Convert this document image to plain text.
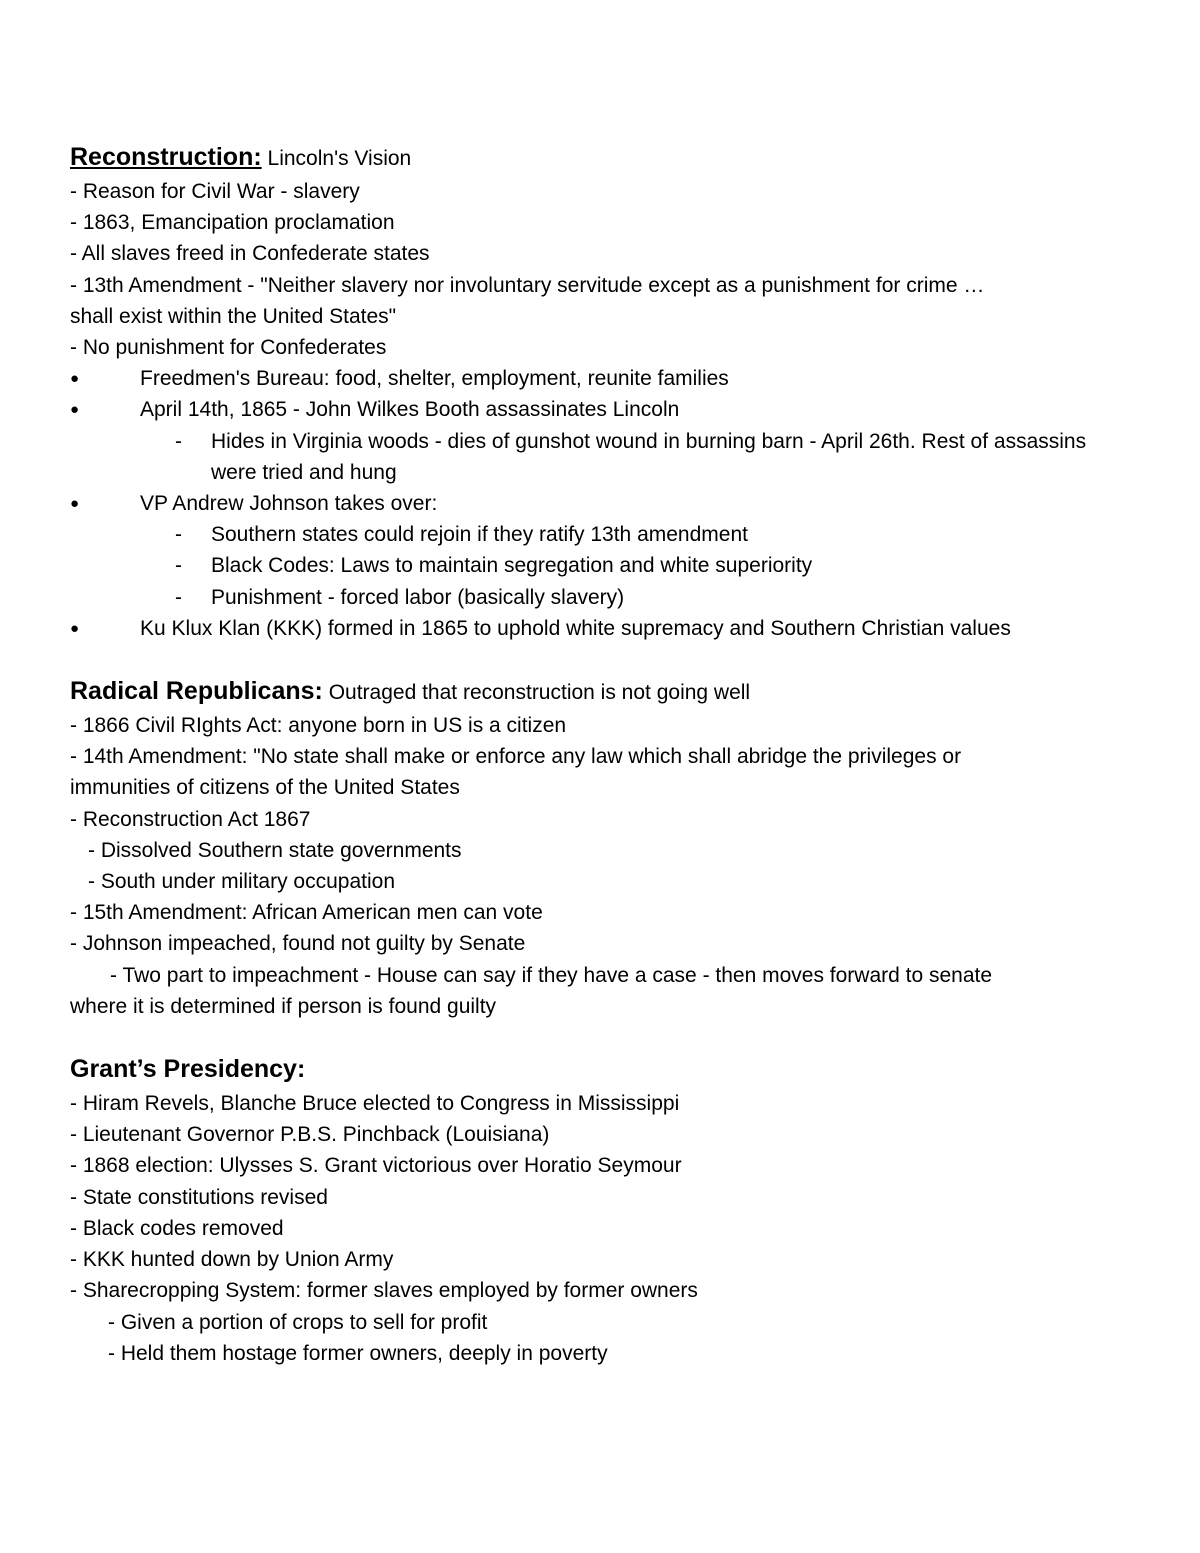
Reconstruction: Lincoln's Vision
- Reason for Civil War - slavery
- 1863, Emancipation proclamation
- All slaves freed in Confederate states
- 13th Amendment - "Neither slavery nor involuntary servitude except as a punishment for crime …
shall exist within the United States"
- No punishment for Confederates
●	Freedmen's Bureau: food, shelter, employment, reunite families
●	April 14th, 1865 - John Wilkes Booth assassinates Lincoln
-	Hides in Virginia woods - dies of gunshot wound in burning barn - April 26th. Rest of assassins were tried and hung
●	VP Andrew Johnson takes over:
-	Southern states could rejoin if they ratify 13th amendment
-	Black Codes: Laws to maintain segregation and white superiority
-	Punishment - forced labor (basically slavery)
●	Ku Klux Klan (KKK) formed in 1865 to uphold white supremacy and Southern Christian values
Radical Republicans: Outraged that reconstruction is not going well
- 1866 Civil RIghts Act: anyone born in US is a citizen
- 14th Amendment: "No state shall make or enforce any law which shall abridge the privileges or
immunities of citizens of the United States
- Reconstruction Act 1867
- Dissolved Southern state governments
- South under military occupation
- 15th Amendment: African American men can vote
- Johnson impeached, found not guilty by Senate
- Two part to impeachment - House can say if they have a case - then moves forward to senate
where it is determined if person is found guilty
Grant’s Presidency:
- Hiram Revels, Blanche Bruce elected to Congress in Mississippi
- Lieutenant Governor P.B.S. Pinchback (Louisiana)
- 1868 election: Ulysses S. Grant victorious over Horatio Seymour
- State constitutions revised
- Black codes removed
- KKK hunted down by Union Army
- Sharecropping System: former slaves employed by former owners
- Given a portion of crops to sell for profit
- Held them hostage former owners, deeply in poverty
